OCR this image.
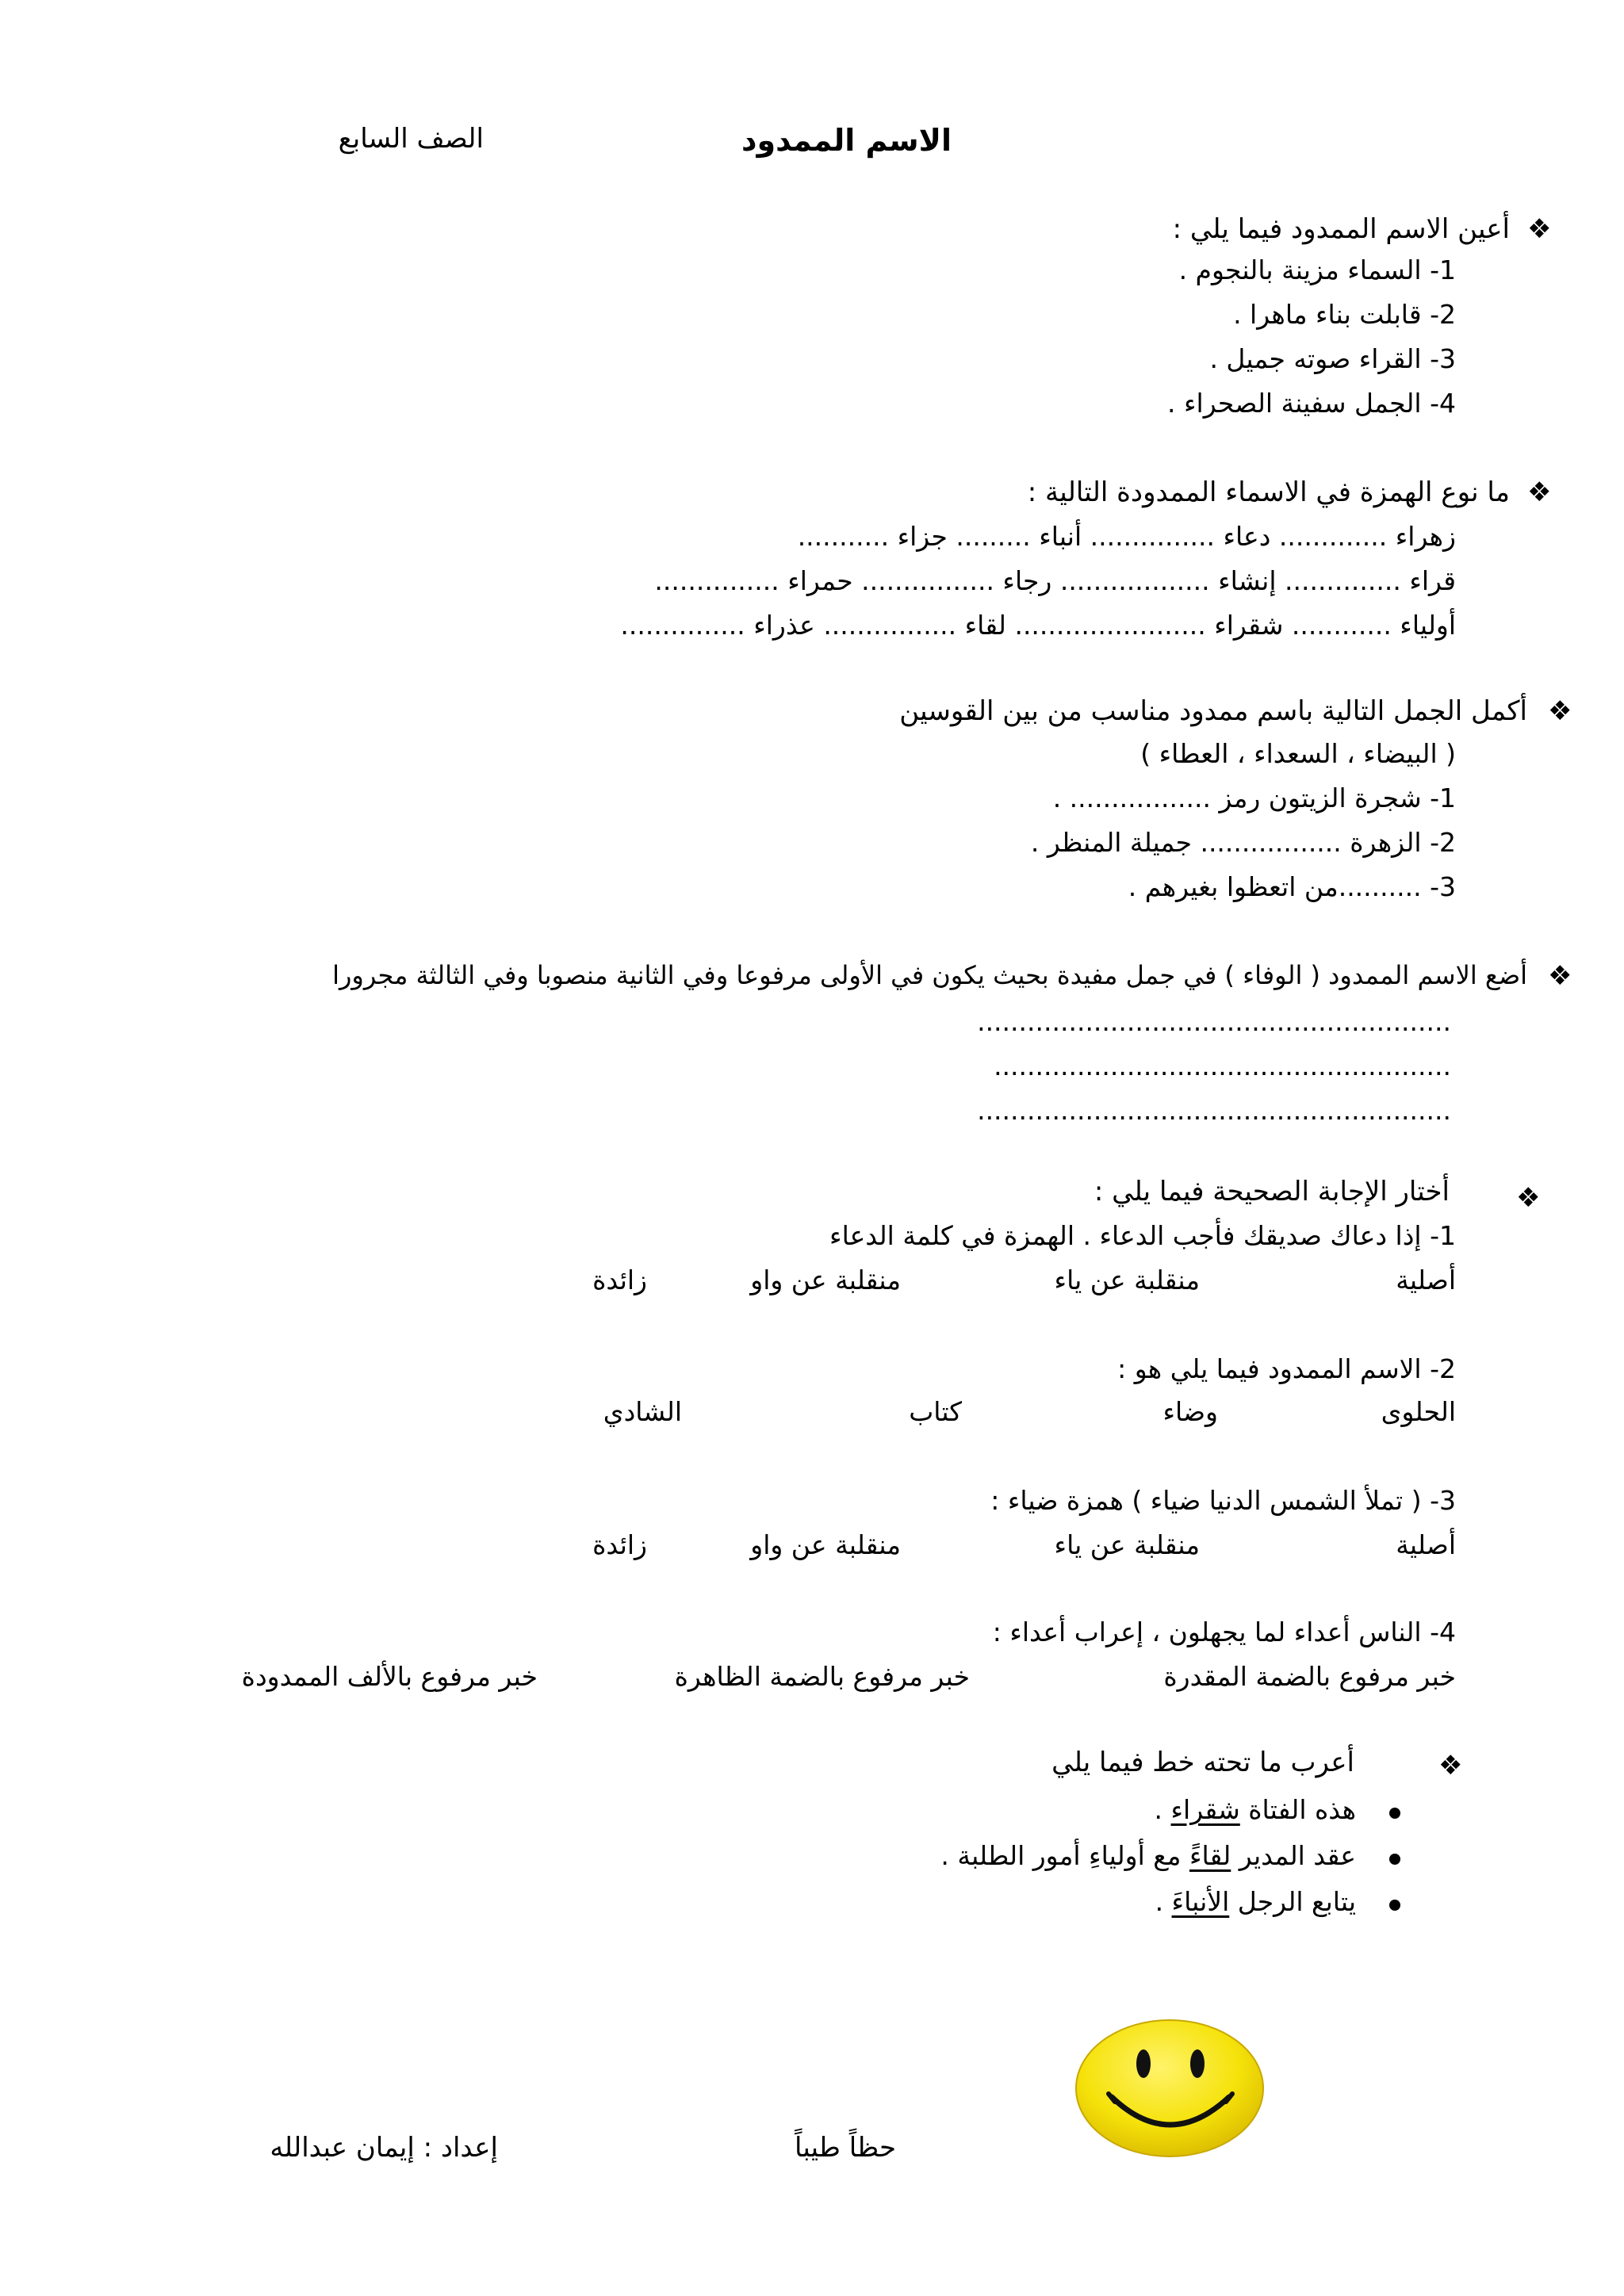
الاسم الممدود
الصف السابع
❖
أعين الاسم الممدود فيما يلي :
1- السماء مزينة بالنجوم .
2- قابلت بناء ماهرا .
3- القراء صوته جميل .
4- الجمل سفينة الصحراء .
❖
ما نوع الهمزة في الاسماء الممدودة التالية :
زهراء ............. دعاء ............... أنباء ......... جزاء ...........
قراء .............. إنشاء .................. رجاء ................ حمراء ...............
أولياء ............ شقراء ....................... لقاء ................ عذراء ...............
❖
أكمل الجمل التالية باسم ممدود مناسب من بين القوسين
( البيضاء ، السعداء ، العطاء )
1- شجرة الزيتون رمز ................. .
2- الزهرة ................. جميلة المنظر .
3- ..........من اتعظوا بغيرهم .
❖
أضع الاسم الممدود ( الوفاء ) في جمل مفيدة بحيث يكون في الأولى مرفوعا وفي الثانية منصوبا وفي الثالثة مجرورا
.........................................................
.......................................................
.........................................................
❖
أختار الإجابة الصحيحة فيما يلي :
1- إذا دعاك صديقك فأجب الدعاء . الهمزة في كلمة الدعاء
أصلية
منقلبة عن ياء
منقلبة عن واو
زائدة
2- الاسم الممدود فيما يلي هو :
الحلوى
وضاء
كتاب
الشادي
3- ( تملأ الشمس الدنيا ضياء ) همزة ضياء :
أصلية
منقلبة عن ياء
منقلبة عن واو
زائدة
4- الناس أعداء لما يجهلون ، إعراب أعداء :
خبر مرفوع بالضمة المقدرة
خبر مرفوع بالضمة الظاهرة
خبر مرفوع بالألف الممدودة
❖
أعرب ما تحته خط فيما يلي
هذه الفتاة شقراء .
عقد المدير لقاءً مع أولياءِ أمور الطلبة .
يتابع الرجل الأنباءَ .
حظاً طيباً
إعداد : إيمان عبدالله
